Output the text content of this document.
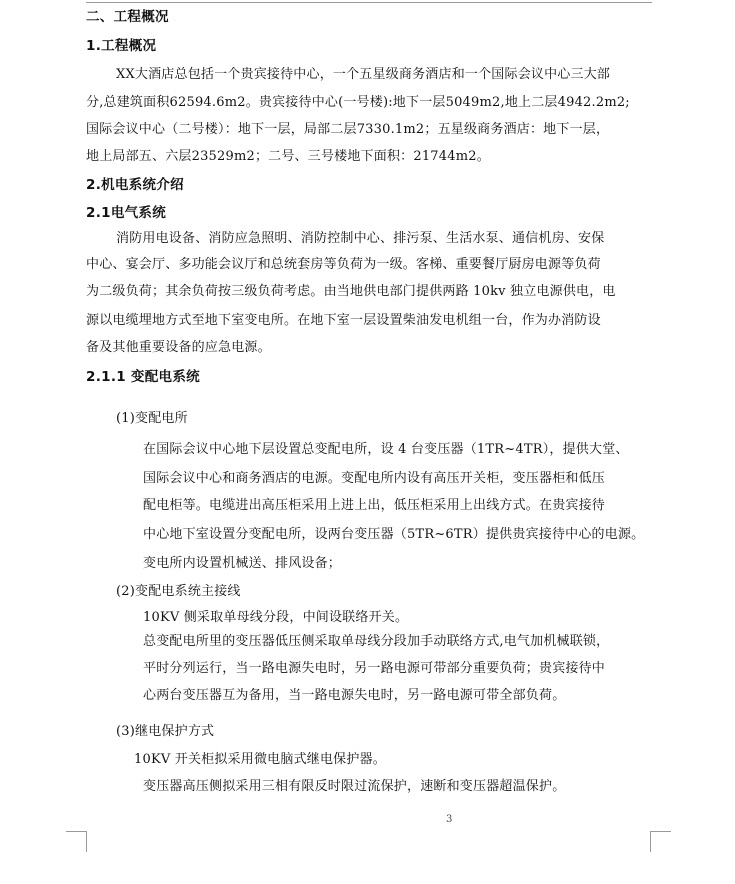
二、工程概况
1.工程概况
XX大酒店总包括一个贵宾接待中心，一个五星级商务酒店和一个国际会议中心三大部
分,总建筑面积62594.6m2。贵宾接待中心(一号楼):地下一层5049m2,地上二层4942.2m2;
国际会议中心（二号楼）：地下一层，局部二层7330.1m2；五星级商务酒店：地下一层，
地上局部五、六层23529m2；二号、三号楼地下面积：21744m2。
2.机电系统介绍
2.1电气系统
消防用电设备、消防应急照明、消防控制中心、排污泵、生活水泵、通信机房、安保
中心、宴会厅、多功能会议厅和总统套房等负荷为一级。客梯、重要餐厅厨房电源等负荷
为二级负荷；其余负荷按三级负荷考虑。由当地供电部门提供两路 10kv 独立电源供电，电
源以电缆埋地方式至地下室变电所。在地下室一层设置柴油发电机组一台，作为办消防设
备及其他重要设备的应急电源。
2.1.1 变配电系统
(1)变配电所
在国际会议中心地下层设置总变配电所，设 4 台变压器（1TR~4TR），提供大堂、
国际会议中心和商务酒店的电源。变配电所内设有高压开关柜，变压器柜和低压
配电柜等。电缆进出高压柜采用上进上出，低压柜采用上出线方式。在贵宾接待
中心地下室设置分变配电所，设两台变压器（5TR~6TR）提供贵宾接待中心的电源。
变电所内设置机械送、排风设备；
(2)变配电系统主接线
10KV 侧采取单母线分段，中间设联络开关。
总变配电所里的变压器低压侧采取单母线分段加手动联络方式,电气加机械联锁，
平时分列运行，当一路电源失电时，另一路电源可带部分重要负荷；贵宾接待中
心两台变压器互为备用，当一路电源失电时，另一路电源可带全部负荷。
(3)继电保护方式
10KV 开关柜拟采用微电脑式继电保护器。
变压器高压侧拟采用三相有限反时限过流保护，速断和变压器超温保护。
3
